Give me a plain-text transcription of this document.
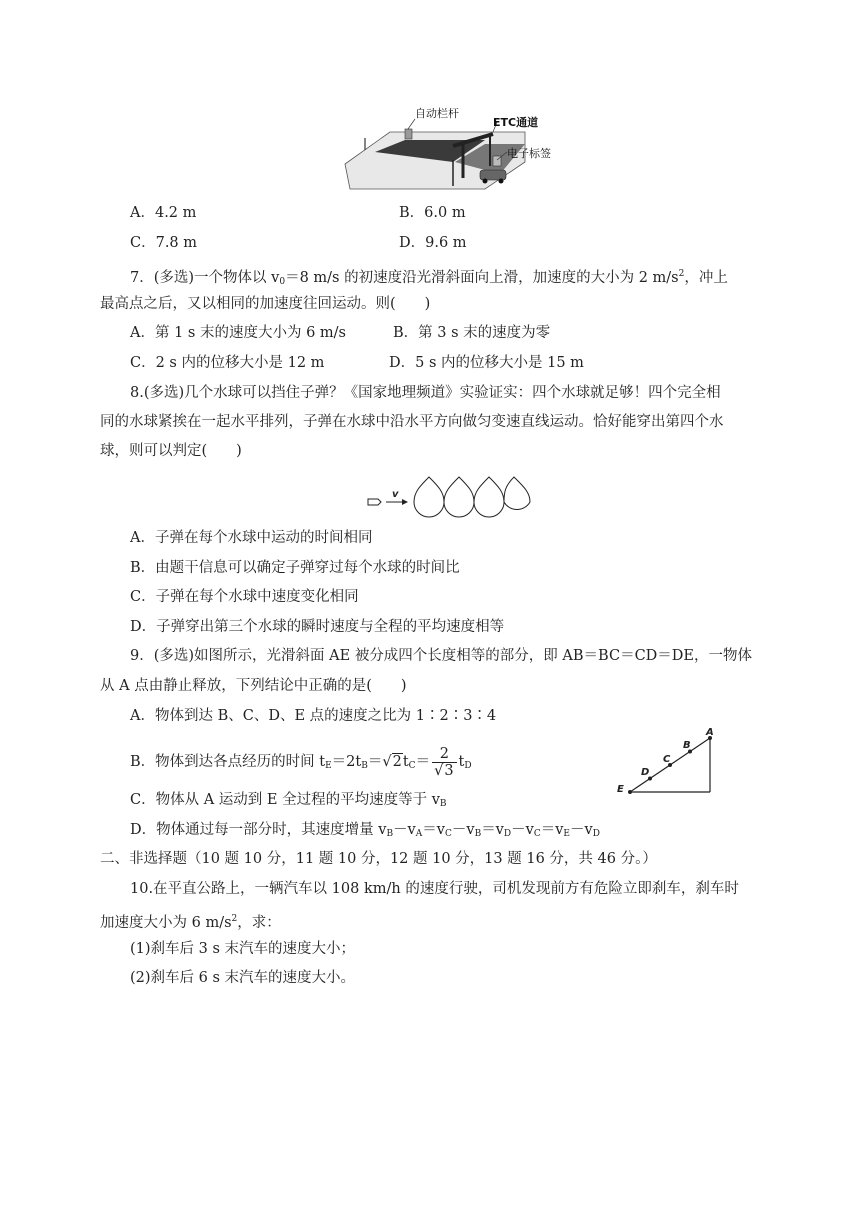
自动栏杆
ETC通道
电子标签
A．4.2 m	B．6.0 m
C．7.8 m	D．9.6 m
7．(多选)一个物体以 $v_0=8$ m/s 的初速度沿光滑斜面向上滑，加速度的大小为 2 $m/s^2$，冲上
最高点之后，又以相同的加速度往回运动。则(　　)
A．第 1 s 末的速度大小为 6 m/s	B．第 3 s 末的速度为零
C．2 s 内的位移大小是 12 m	D．5 s 内的位移大小是 15 m
8.(多选)几个水球可以挡住子弹？《国家地理频道》实验证实：四个水球就足够！四个完全相
同的水球紧挨在一起水平排列，子弹在水球中沿水平方向做匀变速直线运动。恰好能穿出第四个水
球，则可以判定(　　)
v
A．子弹在每个水球中运动的时间相同
B．由题干信息可以确定子弹穿过每个水球的时间比
C．子弹在每个水球中速度变化相同
D．子弹穿出第三个水球的瞬时速度与全程的平均速度相等
9．(多选)如图所示，光滑斜面 AE 被分成四个长度相等的部分，即 AB＝BC＝CD＝DE，一物体
从 A 点由静止释放，下列结论中正确的是(　　)
A．物体到达 B、C、D、E 点的速度之比为 1∶2∶3∶4
B．物体到达各点经历的时间 $t_E=2t_B=√2t_C= \frac{2}{√3} t_D$
A
B
C
D
E
C．物体从 A 运动到 E 全过程的平均速度等于 $v_B$
D．物体通过每一部分时，其速度增量 $v_B-v_A=v_C-v_B=v_D-v_C=v_E-v_D$
二、非选择题（10 题 10 分，11 题 10 分，12 题 10 分，13 题 16 分，共 46 分。）
10.在平直公路上，一辆汽车以 108 km/h 的速度行驶，司机发现前方有危险立即刹车，刹车时
加速度大小为 6 $m/s^2$，求：
(1)刹车后 3 s 末汽车的速度大小；
(2)刹车后 6 s 末汽车的速度大小。
